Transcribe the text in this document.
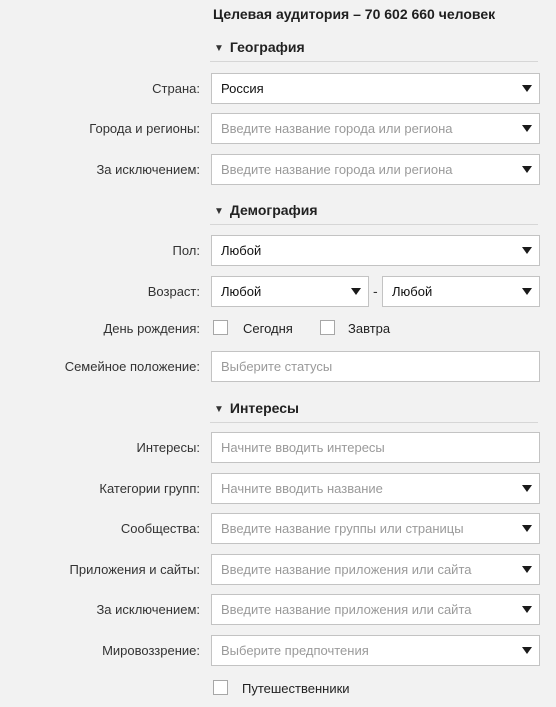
Целевая аудитория – 70 602 660 человек
▼ География
Страна:	Россия
Города и регионы:	Введите название города или региона
За исключением:	Введите название города или региона
▼ Демография
Пол:	Любой
Возраст:	Любой	-	Любой
День рождения:	Сегодня	Завтра
Семейное положение:	Выберите статусы
▼ Интересы
Интересы:	Начните вводить интересы
Категории групп:	Начните вводить название
Сообщества:	Введите название группы или страницы
Приложения и сайты:	Введите название приложения или сайта
За исключением:	Введите название приложения или сайта
Мировоззрение:	Выберите предпочтения
Путешественники
